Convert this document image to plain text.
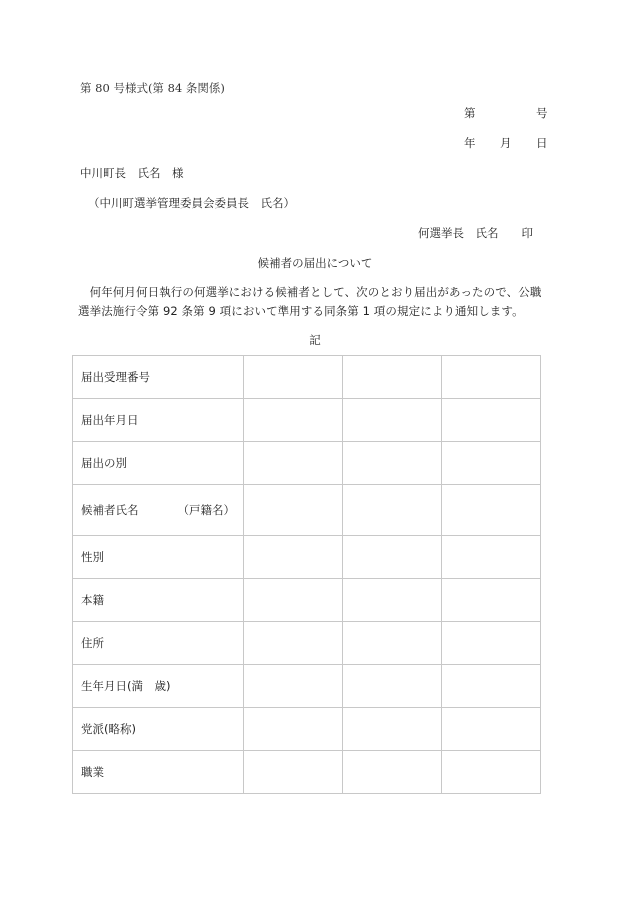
第 80 号様式(第 84 条関係)
第	号
年 月 日
中川町長　氏名　様
（中川町選挙管理委員会委員長　氏名）
何選挙長　氏名　　印
候補者の届出について
　何年何月何日執行の何選挙における候補者として、次のとおり届出があったので、公職選挙法施行令第 92 条第 9 項において準用する同条第 1 項の規定により通知します。
記
届出受理番号			
届出年月日			
届出の別			

候補者氏名 （戸籍名）			

性別			
本籍			
住所			
生年月日(満　歳)			
党派(略称)			
職業			
